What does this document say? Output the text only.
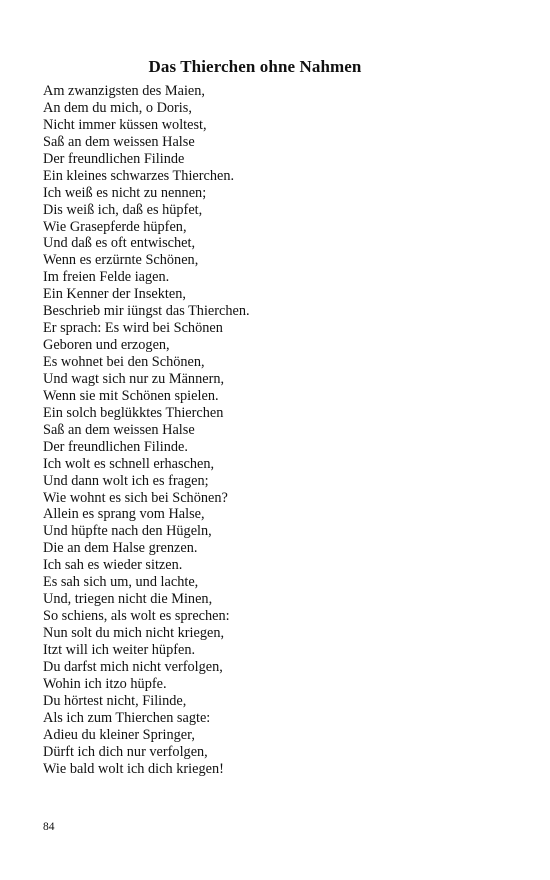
Das Thierchen ohne Nahmen
Am zwanzigsten des Maien,
An dem du mich, o Doris,
Nicht immer küssen woltest,
Saß an dem weissen Halse
Der freundlichen Filinde
Ein kleines schwarzes Thierchen.
Ich weiß es nicht zu nennen;
Dis weiß ich, daß es hüpfet,
Wie Grasepferde hüpfen,
Und daß es oft entwischet,
Wenn es erzürnte Schönen,
Im freien Felde iagen.
Ein Kenner der Insekten,
Beschrieb mir iüngst das Thierchen.
Er sprach: Es wird bei Schönen
Geboren und erzogen,
Es wohnet bei den Schönen,
Und wagt sich nur zu Männern,
Wenn sie mit Schönen spielen.
Ein solch beglükktes Thierchen
Saß an dem weissen Halse
Der freundlichen Filinde.
Ich wolt es schnell erhaschen,
Und dann wolt ich es fragen;
Wie wohnt es sich bei Schönen?
Allein es sprang vom Halse,
Und hüpfte nach den Hügeln,
Die an dem Halse grenzen.
Ich sah es wieder sitzen.
Es sah sich um, und lachte,
Und, triegen nicht die Minen,
So schiens, als wolt es sprechen:
Nun solt du mich nicht kriegen,
Itzt will ich weiter hüpfen.
Du darfst mich nicht verfolgen,
Wohin ich itzo hüpfe.
Du hörtest nicht, Filinde,
Als ich zum Thierchen sagte:
Adieu du kleiner Springer,
Dürft ich dich nur verfolgen,
Wie bald wolt ich dich kriegen!
84
